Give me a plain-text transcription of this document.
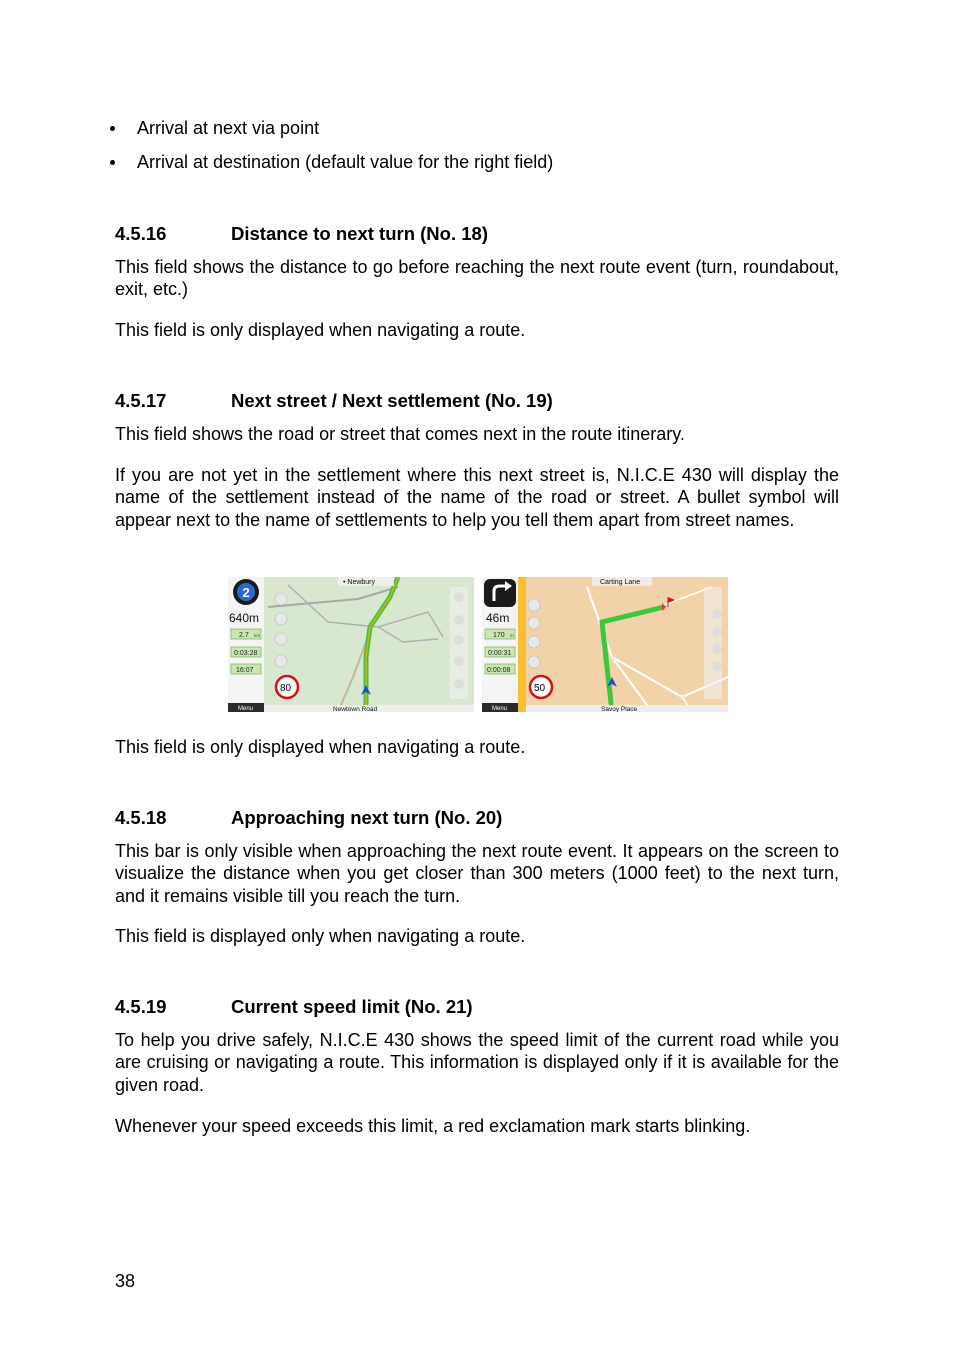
Arrival at next via point
Arrival at destination (default value for the right field)
4.5.16	Distance to next turn (No. 18)
This field shows the distance to go before reaching the next route event (turn, roundabout, exit, etc.)
This field is only displayed when navigating a route.
4.5.17	Next street / Next settlement (No. 19)
This field shows the road or street that comes next in the route itinerary.
If you are not yet in the settlement where this next street is, N.I.C.E 430 will display the name of the settlement instead of the name of the road or street. A bullet symbol will appear next to the name of settlements to help you tell them apart from street names.
Menu
2
640m
2.7 km
0:03:28
16:07
80
• Newbury
Newtown Road	Menu
46m
170 m
0:00:31
0:00:08
50
Carting Lane
Savoy Place
This field is only displayed when navigating a route.
4.5.18	Approaching next turn (No. 20)
This bar is only visible when approaching the next route event. It appears on the screen to visualize the distance when you get closer than 300 meters (1000 feet) to the next turn, and it remains visible till you reach the turn.
This field is displayed only when navigating a route.
4.5.19	Current speed limit (No. 21)
To help you drive safely, N.I.C.E 430 shows the speed limit of the current road while you are cruising or navigating a route. This information is displayed only if it is available for the given road.
Whenever your speed exceeds this limit, a red exclamation mark starts blinking.
38
